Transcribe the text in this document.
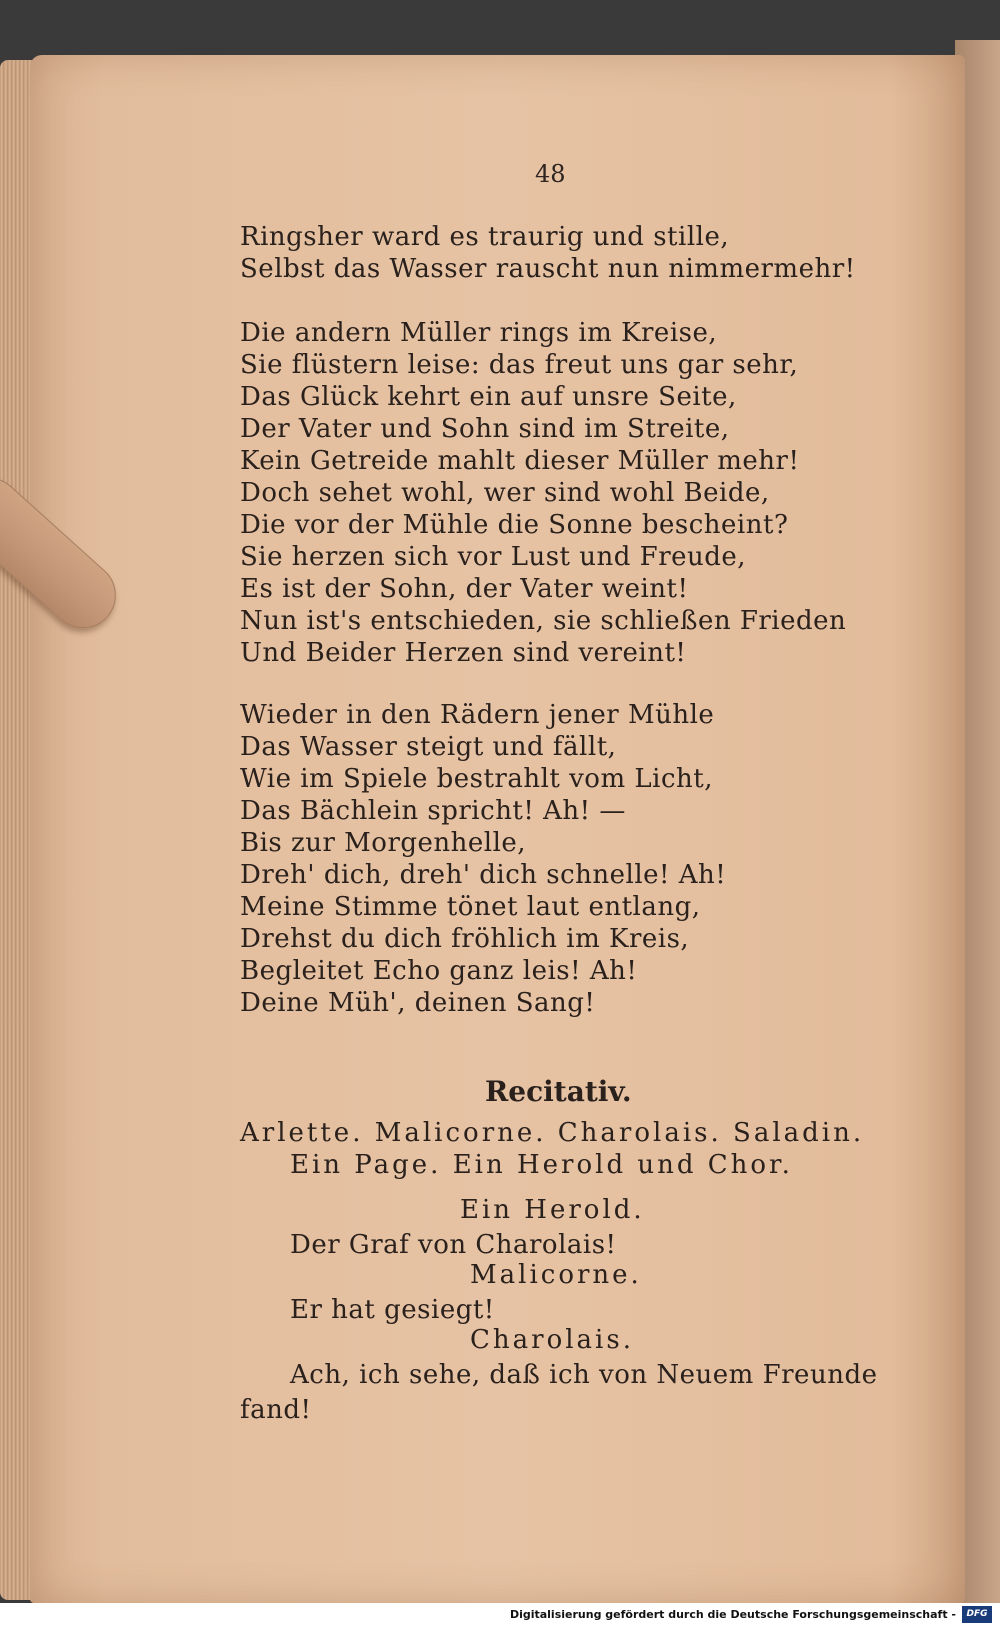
48
Ringsher ward es traurig und stille,
Selbst das Wasser rauscht nun nimmermehr!
Die andern Müller rings im Kreise,
Sie flüstern leise: das freut uns gar sehr,
Das Glück kehrt ein auf unsre Seite,
Der Vater und Sohn sind im Streite,
Kein Getreide mahlt dieser Müller mehr!
Doch sehet wohl, wer sind wohl Beide,
Die vor der Mühle die Sonne bescheint?
Sie herzen sich vor Lust und Freude,
Es ist der Sohn, der Vater weint!
Nun ist's entschieden, sie schließen Frieden
Und Beider Herzen sind vereint!
Wieder in den Rädern jener Mühle
Das Wasser steigt und fällt,
Wie im Spiele bestrahlt vom Licht,
Das Bächlein spricht! Ah! —
Bis zur Morgenhelle,
Dreh' dich, dreh' dich schnelle! Ah!
Meine Stimme tönet laut entlang,
Drehst du dich fröhlich im Kreis,
Begleitet Echo ganz leis! Ah!
Deine Müh', deinen Sang!
Arlette. Malicorne. Charolais. Saladin.
Ein Page. Ein Herold und Chor.
Ein Herold.
Der Graf von Charolais!
Malicorne.
Er hat gesiegt!
Charolais.
Ach, ich sehe, daß ich von Neuem Freunde
fand!
Recitativ.
Digitalisierung gefördert durch die Deutsche Forschungsgemeinschaft -	DFG
